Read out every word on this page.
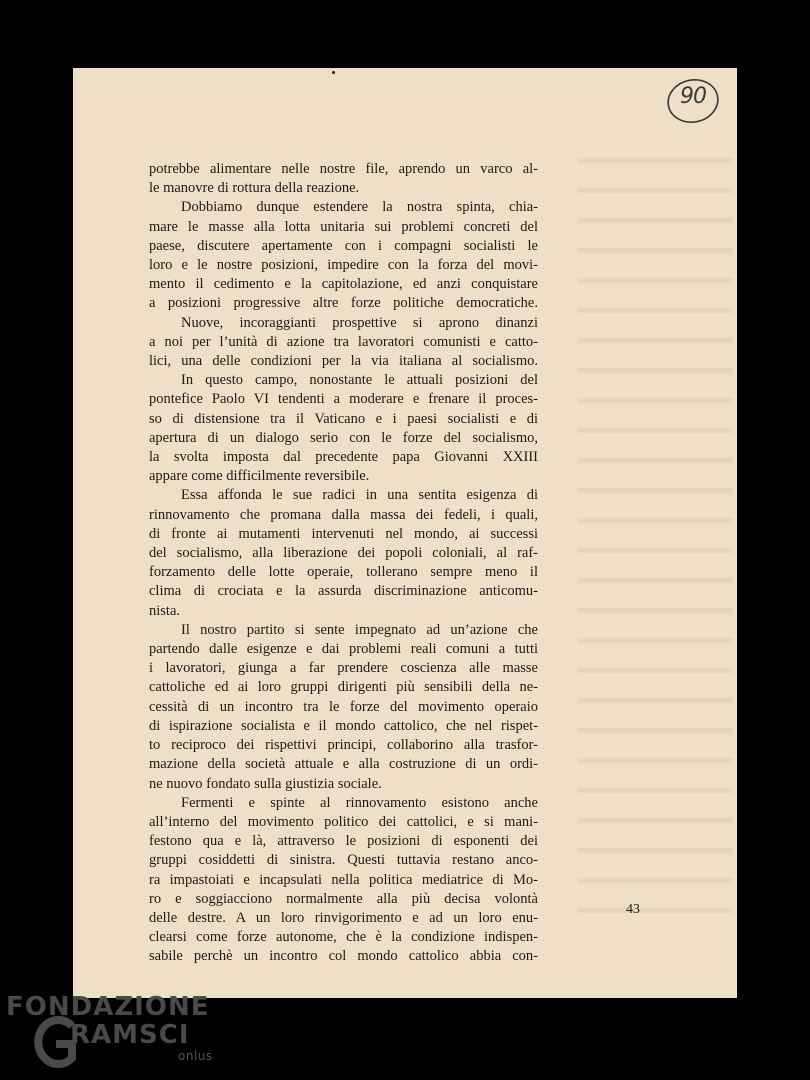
90
potrebbe alimentare nelle nostre file, aprendo un varco al-
le manovre di rottura della reazione.
Dobbiamo dunque estendere la nostra spinta, chia-
mare le masse alla lotta unitaria sui problemi concreti del
paese, discutere apertamente con i compagni socialisti le
loro e le nostre posizioni, impedire con la forza del movi-
mento il cedimento e la capitolazione, ed anzi conquistare
a posizioni progressive altre forze politiche democratiche.
Nuove, incoraggianti prospettive si aprono dinanzi
a noi per l’unità di azione tra lavoratori comunisti e catto-
lici, una delle condizioni per la via italiana al socialismo.
In questo campo, nonostante le attuali posizioni del
pontefice Paolo VI tendenti a moderare e frenare il proces-
so di distensione tra il Vaticano e i paesi socialisti e di
apertura di un dialogo serio con le forze del socialismo,
la svolta imposta dal precedente papa Giovanni XXIII
appare come difficilmente reversibile.
Essa affonda le sue radici in una sentita esigenza di
rinnovamento che promana dalla massa dei fedeli, i quali,
di fronte ai mutamenti intervenuti nel mondo, ai successi
del socialismo, alla liberazione dei popoli coloniali, al raf-
forzamento delle lotte operaie, tollerano sempre meno il
clima di crociata e la assurda discriminazione anticomu-
nista.
Il nostro partito si sente impegnato ad un’azione che
partendo dalle esigenze e dai problemi reali comuni a tutti
i lavoratori, giunga a far prendere coscienza alle masse
cattoliche ed ai loro gruppi dirigenti più sensibili della ne-
cessità di un incontro tra le forze del movimento operaio
di ispirazione socialista e il mondo cattolico, che nel rispet-
to reciproco dei rispettivi principi, collaborino alla trasfor-
mazione della società attuale e alla costruzione di un ordi-
ne nuovo fondato sulla giustizia sociale.
Fermenti e spinte al rinnovamento esistono anche
all’interno del movimento politico dei cattolici, e si mani-
festono qua e là, attraverso le posizioni di esponenti dei
gruppi cosiddetti di sinistra. Questi tuttavia restano anco-
ra impastoiati e incapsulati nella politica mediatrice di Mo-
ro e soggiacciono normalmente alla più decisa volontà
delle destre. A un loro rinvigorimento e ad un loro enu-
clearsi come forze autonome, che è la condizione indispen-
sabile perchè un incontro col mondo cattolico abbia con-
43
FONDAZIONE
RAMSCI
onlus
